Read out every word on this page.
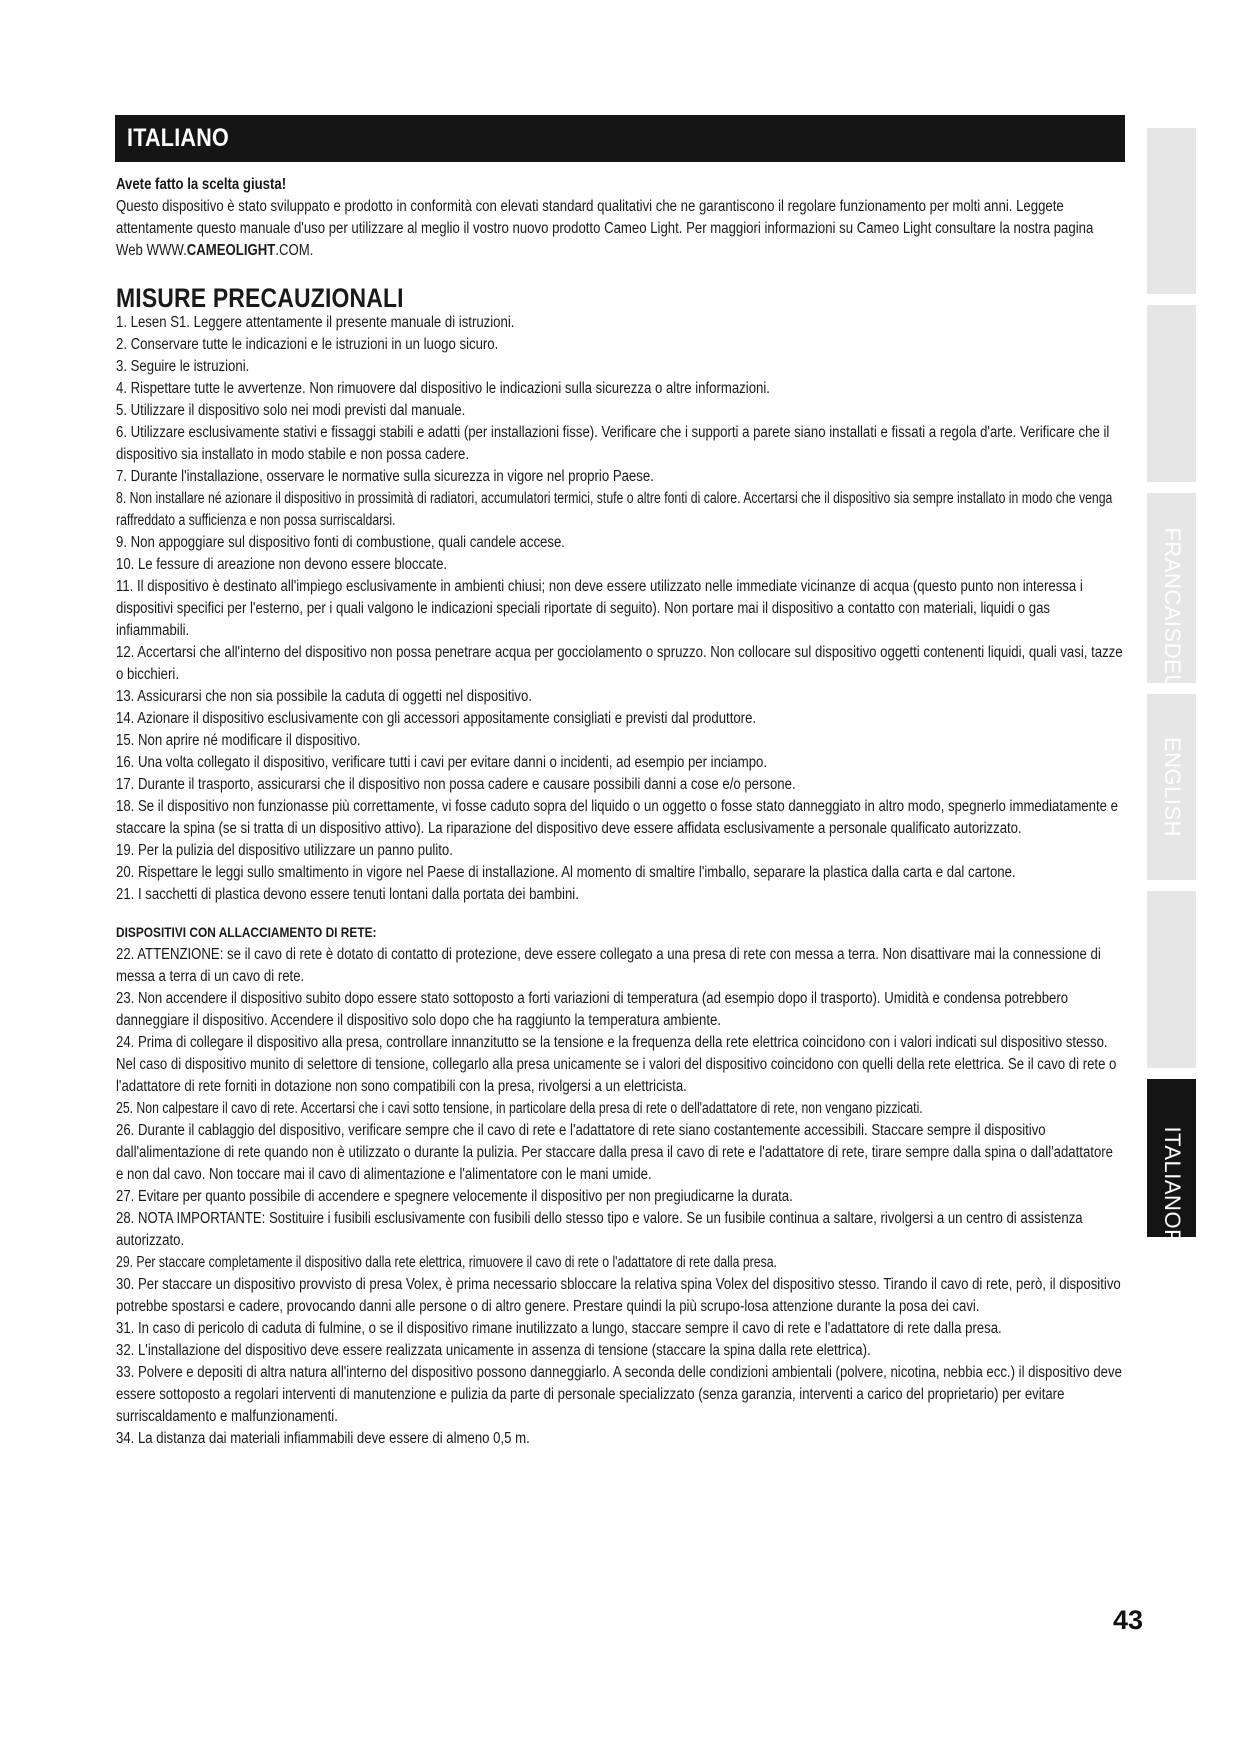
ITALIANO
Avete fatto la scelta giusta!

Questo dispositivo è stato sviluppato e prodotto in conformità con elevati standard qualitativi che ne garantiscono il regolare funzionamento per molti anni. Leggete attentamente questo manuale d'uso per utilizzare al meglio il vostro nuovo prodotto Cameo Light. Per maggiori informazioni su Cameo Light consultare la nostra pagina Web WWW.CAMEOLIGHT.COM.

MISURE PRECAUZIONALI

1. Lesen S1. Leggere attentamente il presente manuale di istruzioni.

2. Conservare tutte le indicazioni e le istruzioni in un luogo sicuro.

3. Seguire le istruzioni.

4. Rispettare tutte le avvertenze. Non rimuovere dal dispositivo le indicazioni sulla sicurezza o altre informazioni.

5. Utilizzare il dispositivo solo nei modi previsti dal manuale.

6. Utilizzare esclusivamente stativi e fissaggi stabili e adatti (per installazioni fisse). Verificare che i supporti a parete siano installati e fissati a regola d'arte. Verificare che il dispositivo sia installato in modo stabile e non possa cadere.

7. Durante l'installazione, osservare le normative sulla sicurezza in vigore nel proprio Paese.

8. Non installare né azionare il dispositivo in prossimità di radiatori, accumulatori termici, stufe o altre fonti di calore. Accertarsi che il dispositivo sia sempre installato in modo che venga raffreddato a sufficienza e non possa surriscaldarsi.

9. Non appoggiare sul dispositivo fonti di combustione, quali candele accese.

10. Le fessure di areazione non devono essere bloccate.

11. Il dispositivo è destinato all'impiego esclusivamente in ambienti chiusi; non deve essere utilizzato nelle immediate vicinanze di acqua (questo punto non interessa i dispositivi specifici per l'esterno, per i quali valgono le indicazioni speciali riportate di seguito). Non portare mai il dispositivo a contatto con materiali, liquidi o gas infiammabili.

12. Accertarsi che all'interno del dispositivo non possa penetrare acqua per gocciolamento o spruzzo. Non collocare sul dispositivo oggetti contenenti liquidi, quali vasi, tazze o bicchieri.

13. Assicurarsi che non sia possibile la caduta di oggetti nel dispositivo.

14. Azionare il dispositivo esclusivamente con gli accessori appositamente consigliati e previsti dal produttore.

15. Non aprire né modificare il dispositivo.

16. Una volta collegato il dispositivo, verificare tutti i cavi per evitare danni o incidenti, ad esempio per inciampo.

17. Durante il trasporto, assicurarsi che il dispositivo non possa cadere e causare possibili danni a cose e/o persone.

18. Se il dispositivo non funzionasse più correttamente, vi fosse caduto sopra del liquido o un oggetto o fosse stato danneggiato in altro modo, spegnerlo immediatamente e staccare la spina (se si tratta di un dispositivo attivo). La riparazione del dispositivo deve essere affidata esclusivamente a personale qualificato autorizzato.

19. Per la pulizia del dispositivo utilizzare un panno pulito.

20. Rispettare le leggi sullo smaltimento in vigore nel Paese di installazione. Al momento di smaltire l'imballo, separare la plastica dalla carta e dal cartone.

21. I sacchetti di plastica devono essere tenuti lontani dalla portata dei bambini.

DISPOSITIVI CON ALLACCIAMENTO DI RETE:

22. ATTENZIONE: se il cavo di rete è dotato di contatto di protezione, deve essere collegato a una presa di rete con messa a terra. Non disattivare mai la connessione di messa a terra di un cavo di rete.

23. Non accendere il dispositivo subito dopo essere stato sottoposto a forti variazioni di temperatura (ad esempio dopo il trasporto). Umidità e condensa potrebbero danneggiare il dispositivo. Accendere il dispositivo solo dopo che ha raggiunto la temperatura ambiente.

24. Prima di collegare il dispositivo alla presa, controllare innanzitutto se la tensione e la frequenza della rete elettrica coincidono con i valori indicati sul dispositivo stesso. Nel caso di dispositivo munito di selettore di tensione, collegarlo alla presa unicamente se i valori del dispositivo coincidono con quelli della rete elettrica. Se il cavo di rete o l'adattatore di rete forniti in dotazione non sono compatibili con la presa, rivolgersi a un elettricista.

25. Non calpestare il cavo di rete. Accertarsi che i cavi sotto tensione, in particolare della presa di rete o dell'adattatore di rete, non vengano pizzicati.

26. Durante il cablaggio del dispositivo, verificare sempre che il cavo di rete e l'adattatore di rete siano costantemente accessibili. Staccare sempre il dispositivo dall'alimentazione di rete quando non è utilizzato o durante la pulizia. Per staccare dalla presa il cavo di rete e l'adattatore di rete, tirare sempre dalla spina o dall'adattatore e non dal cavo. Non toccare mai il cavo di alimentazione e l'alimentatore con le mani umide.

27. Evitare per quanto possibile di accendere e spegnere velocemente il dispositivo per non pregiudicarne la durata.

28. NOTA IMPORTANTE: Sostituire i fusibili esclusivamente con fusibili dello stesso tipo e valore. Se un fusibile continua a saltare, rivolgersi a un centro di assistenza autorizzato.

29. Per staccare completamente il dispositivo dalla rete elettrica, rimuovere il cavo di rete o l'adattatore di rete dalla presa.

30. Per staccare un dispositivo provvisto di presa Volex, è prima necessario sbloccare la relativa spina Volex del dispositivo stesso. Tirando il cavo di rete, però, il dispositivo potrebbe spostarsi e cadere, provocando danni alle persone o di altro genere. Prestare quindi la più scrupo-losa attenzione durante la posa dei cavi.

31. In caso di pericolo di caduta di fulmine, o se il dispositivo rimane inutilizzato a lungo, staccare sempre il cavo di rete e l'adattatore di rete dalla presa.

32. L'installazione del dispositivo deve essere realizzata unicamente in assenza di tensione (staccare la spina dalla rete elettrica).

33. Polvere e depositi di altra natura all'interno del dispositivo possono danneggiarlo. A seconda delle condizioni ambientali (polvere, nicotina, nebbia ecc.) il dispositivo deve essere sottoposto a regolari interventi di manutenzione e pulizia da parte di personale specializzato (senza garanzia, interventi a carico del proprietario) per evitare surriscaldamento e malfunzionamenti.

34. La distanza dai materiali infiammabili deve essere di almeno 0,5 m.

FRANCAIS
ENGLISH
ITALIANOPOLSKI
43
